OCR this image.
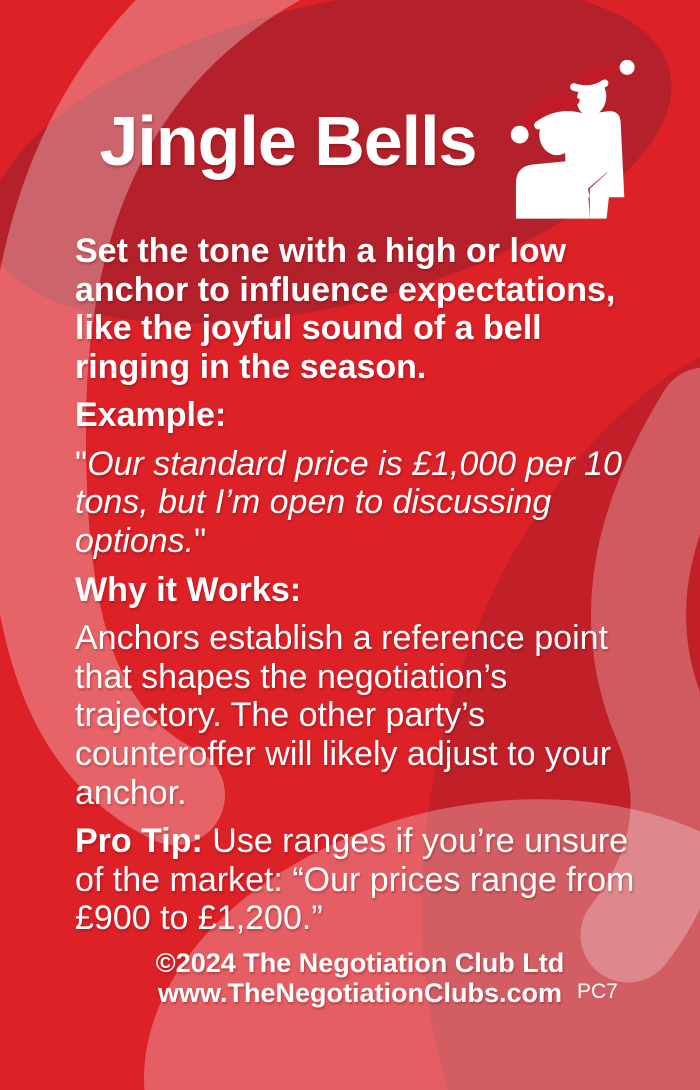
Jingle Bells

Set the tone with a high or low anchor to influence expectations, like the joyful sound of a bell ringing in the season.

Example:

"Our standard price is £1,000 per 10 tons, but I’m open to discussing options."

Why it Works:

Anchors establish a reference point that shapes the negotiation’s trajectory. The other party’s counteroffer will likely adjust to your anchor.

Pro Tip: Use ranges if you’re unsure of the market: “Our prices range from £900 to £1,200.”

©2024 The Negotiation Club Ltd
www.TheNegotiationClubs.com PC7
